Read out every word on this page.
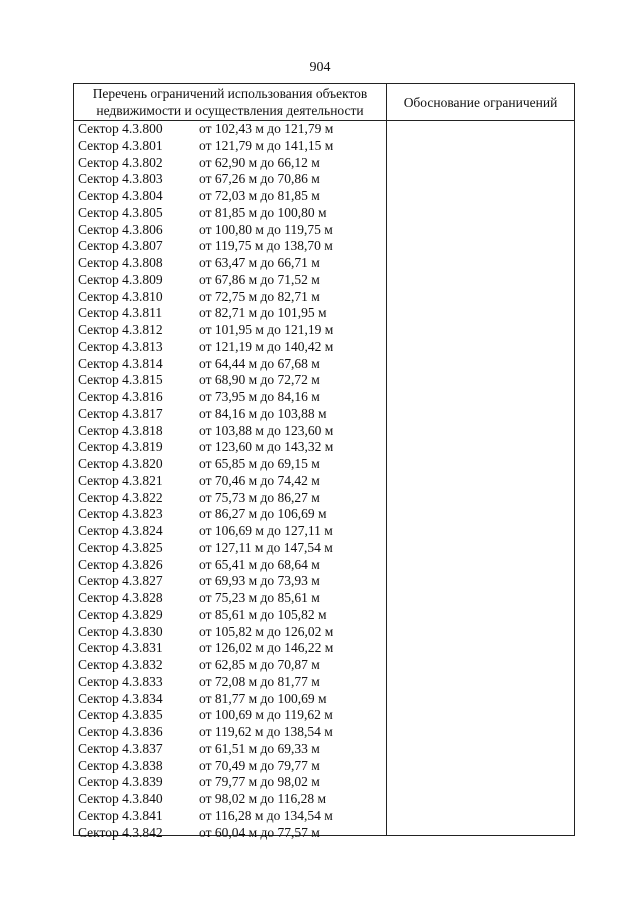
904
Перечень ограничений использования объектов
недвижимости и осуществления деятельности
Обоснование ограничений
Сектор 4.3.800	от 102,43 м до 121,79 м
Сектор 4.3.801	от 121,79 м до 141,15 м
Сектор 4.3.802	от 62,90 м до 66,12 м
Сектор 4.3.803	от 67,26 м до 70,86 м
Сектор 4.3.804	от 72,03 м до 81,85 м
Сектор 4.3.805	от 81,85 м до 100,80 м
Сектор 4.3.806	от 100,80 м до 119,75 м
Сектор 4.3.807	от 119,75 м до 138,70 м
Сектор 4.3.808	от 63,47 м до 66,71 м
Сектор 4.3.809	от 67,86 м до 71,52 м
Сектор 4.3.810	от 72,75 м до 82,71 м
Сектор 4.3.811	от 82,71 м до 101,95 м
Сектор 4.3.812	от 101,95 м до 121,19 м
Сектор 4.3.813	от 121,19 м до 140,42 м
Сектор 4.3.814	от 64,44 м до 67,68 м
Сектор 4.3.815	от 68,90 м до 72,72 м
Сектор 4.3.816	от 73,95 м до 84,16 м
Сектор 4.3.817	от 84,16 м до 103,88 м
Сектор 4.3.818	от 103,88 м до 123,60 м
Сектор 4.3.819	от 123,60 м до 143,32 м
Сектор 4.3.820	от 65,85 м до 69,15 м
Сектор 4.3.821	от 70,46 м до 74,42 м
Сектор 4.3.822	от 75,73 м до 86,27 м
Сектор 4.3.823	от 86,27 м до 106,69 м
Сектор 4.3.824	от 106,69 м до 127,11 м
Сектор 4.3.825	от 127,11 м до 147,54 м
Сектор 4.3.826	от 65,41 м до 68,64 м
Сектор 4.3.827	от 69,93 м до 73,93 м
Сектор 4.3.828	от 75,23 м до 85,61 м
Сектор 4.3.829	от 85,61 м до 105,82 м
Сектор 4.3.830	от 105,82 м до 126,02 м
Сектор 4.3.831	от 126,02 м до 146,22 м
Сектор 4.3.832	от 62,85 м до 70,87 м
Сектор 4.3.833	от 72,08 м до 81,77 м
Сектор 4.3.834	от 81,77 м до 100,69 м
Сектор 4.3.835	от 100,69 м до 119,62 м
Сектор 4.3.836	от 119,62 м до 138,54 м
Сектор 4.3.837	от 61,51 м до 69,33 м
Сектор 4.3.838	от 70,49 м до 79,77 м
Сектор 4.3.839	от 79,77 м до 98,02 м
Сектор 4.3.840	от 98,02 м до 116,28 м
Сектор 4.3.841	от 116,28 м до 134,54 м
Сектор 4.3.842	от 60,04 м до 77,57 м
